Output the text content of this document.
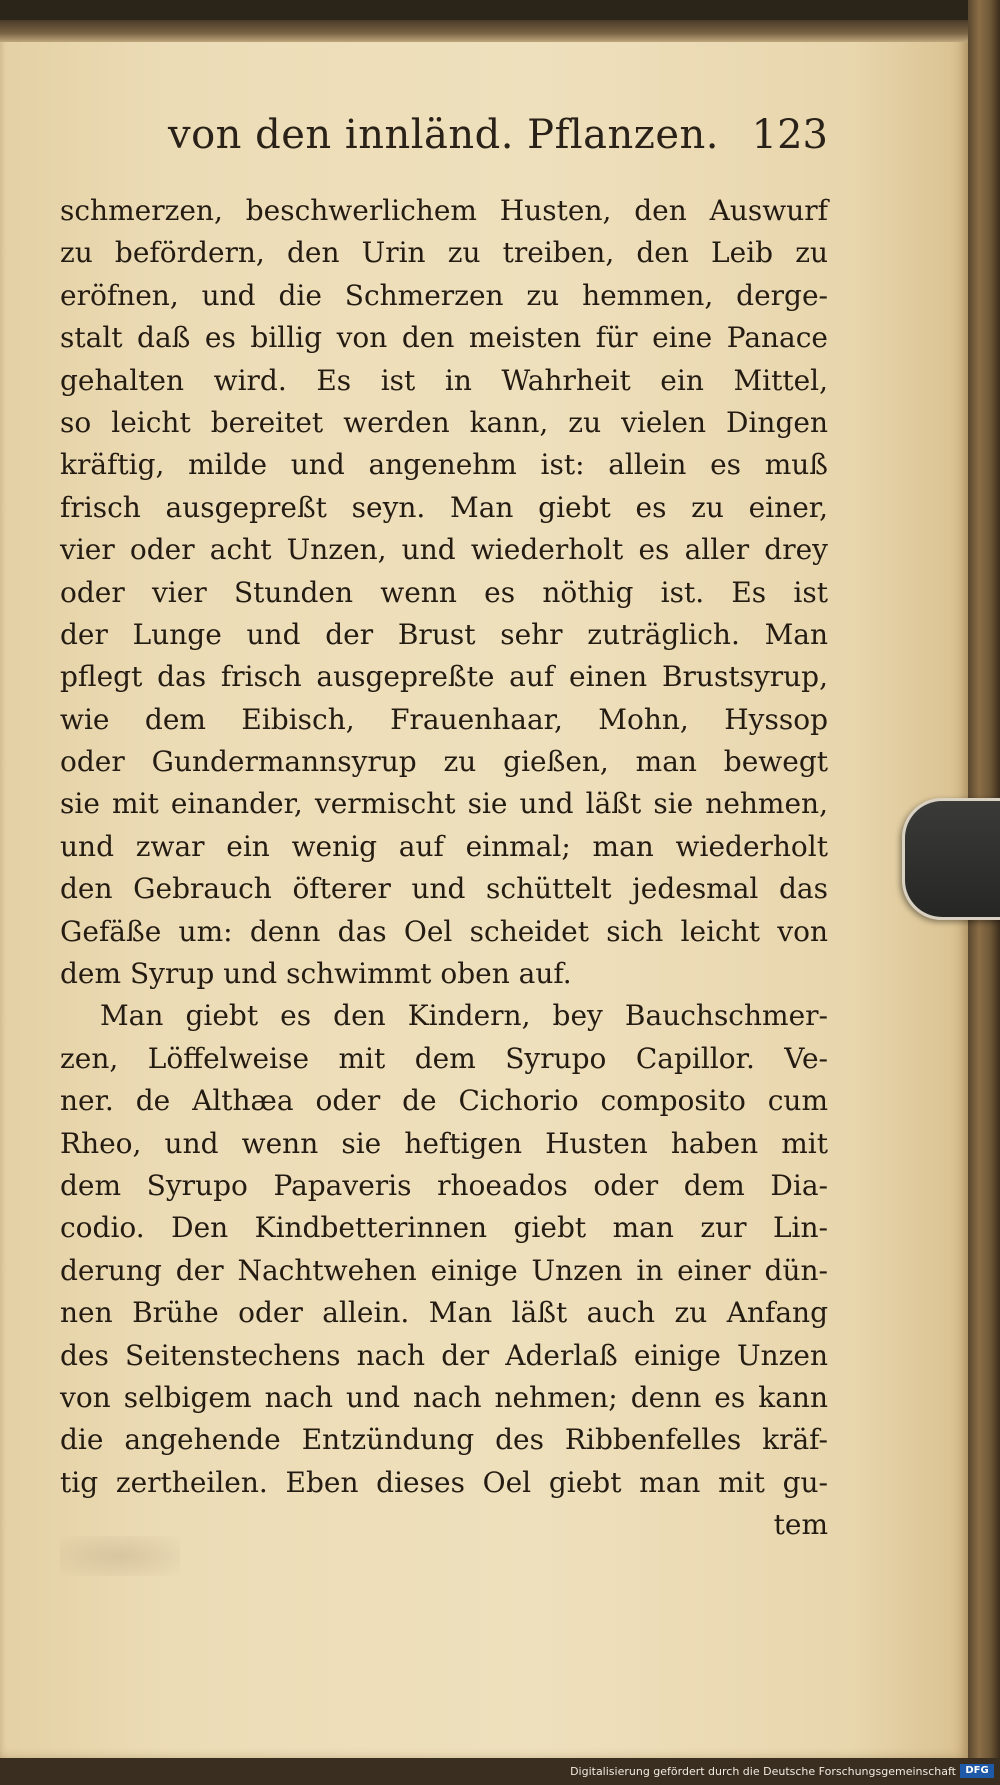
von den innländ. Pflanzen. 123
schmerzen, beschwerlichem Husten, den Auswurf
zu befördern, den Urin zu treiben, den Leib zu
eröfnen, und die Schmerzen zu hemmen, derge-
stalt daß es billig von den meisten für eine Panace
gehalten wird. Es ist in Wahrheit ein Mittel,
so leicht bereitet werden kann, zu vielen Dingen
kräftig, milde und angenehm ist: allein es muß
frisch ausgepreßt seyn. Man giebt es zu einer,
vier oder acht Unzen, und wiederholt es aller drey
oder vier Stunden wenn es nöthig ist. Es ist
der Lunge und der Brust sehr zuträglich. Man
pflegt das frisch ausgepreßte auf einen Brustsyrup,
wie dem Eibisch, Frauenhaar, Mohn, Hyssop
oder Gundermannsyrup zu gießen, man bewegt
sie mit einander, vermischt sie und läßt sie nehmen,
und zwar ein wenig auf einmal; man wiederholt
den Gebrauch öfterer und schüttelt jedesmal das
Gefäße um: denn das Oel scheidet sich leicht von
dem Syrup und schwimmt oben auf.
Man giebt es den Kindern, bey Bauchschmer-
zen, Löffelweise mit dem Syrupo Capillor. Ve-
ner. de Althæa oder de Cichorio composito cum
Rheo, und wenn sie heftigen Husten haben mit
dem Syrupo Papaveris rhoeados oder dem Dia-
codio. Den Kindbetterinnen giebt man zur Lin-
derung der Nachtwehen einige Unzen in einer dün-
nen Brühe oder allein. Man läßt auch zu Anfang
des Seitenstechens nach der Aderlaß einige Unzen
von selbigem nach und nach nehmen; denn es kann
die angehende Entzündung des Ribbenfelles kräf-
tig zertheilen. Eben dieses Oel giebt man mit gu-
tem
Digitalisierung gefördert durch die Deutsche Forschungsgemeinschaft DFG
